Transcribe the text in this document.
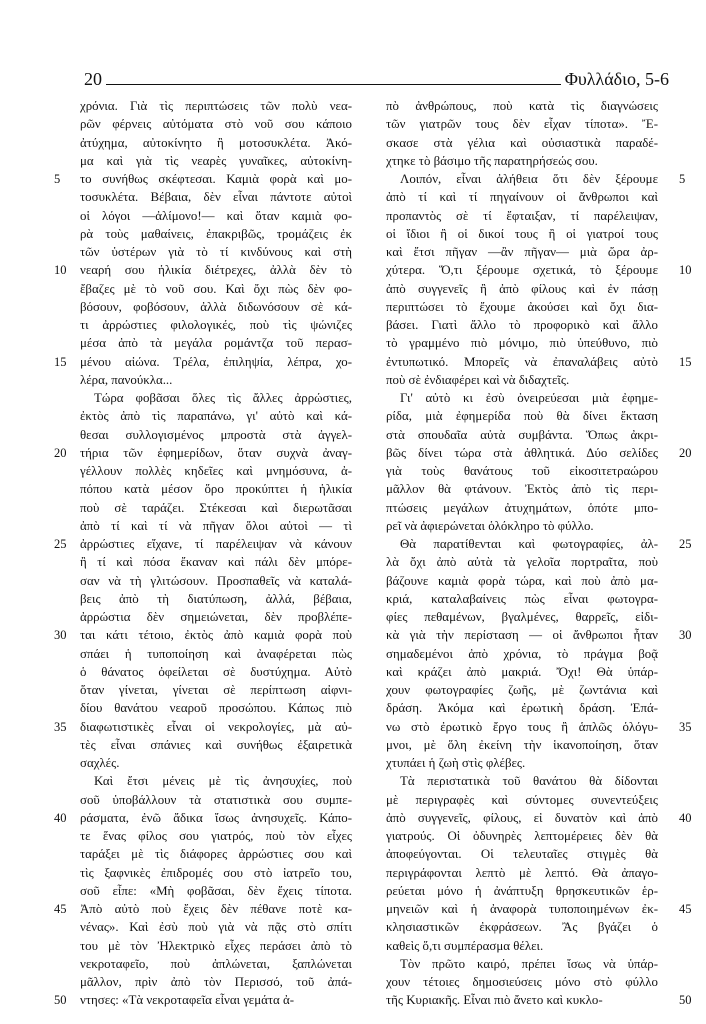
20	Φυλλάδιο, 5-6
5
10
15
20
25
30
35
40
45
50
χρόνια. Γιὰ τὶς περιπτώσεις τῶν πολὺ νεα-
ρῶν φέρνεις αὐτόματα στὸ νοῦ σου κάποιο
ἀτύχημα, αὐτοκίνητο ἢ μοτοσυκλέτα. Ἀκό-
μα καὶ γιὰ τὶς νεαρὲς γυναῖκες, αὐτοκίνη-
το συνήθως σκέφτεσαι. Καμιὰ φορὰ καὶ μο-
τοσυκλέτα. Βέβαια, δὲν εἶναι πάντοτε αὐτοὶ
οἱ λόγοι —ἀλίμονο!— καὶ ὅταν καμιὰ φο-
ρὰ τοὺς μαθαίνεις, ἐπακριβῶς, τρομάζεις ἐκ
τῶν ὑστέρων γιὰ τὸ τί κινδύνους καὶ στὴ
νεαρή σου ἡλικία διέτρεχες, ἀλλὰ δὲν τὸ
ἔβαζες μὲ τὸ νοῦ σου. Καὶ ὄχι πὼς δὲν φο-
βόσουν, φοβόσουν, ἀλλὰ διδωνόσουν σὲ κά-
τι ἀρρώστιες φιλολογικές, ποὺ τὶς ψώνιζες
μέσα ἀπὸ τὰ μεγάλα ρομάντζα τοῦ περασ-
μένου αἰώνα. Τρέλα, ἐπιληψία, λέπρα, χο-
λέρα, πανούκλα...
Τώρα φοβᾶσαι ὅλες τὶς ἄλλες ἀρρώστιες,
ἐκτὸς ἀπὸ τὶς παραπάνω, γι' αὐτὸ καὶ κά-
θεσαι συλλογισμένος μπροστὰ στὰ ἀγγελ-
τήρια τῶν ἐφημερίδων, ὅταν συχνὰ ἀναγ-
γέλλουν πολλὲς κηδεῖες καὶ μνημόσυνα, ἀ-
πόπου κατὰ μέσον ὅρο προκύπτει ἡ ἡλικία
ποὺ σὲ ταράζει. Στέκεσαι καὶ διερωτᾶσαι
ἀπὸ τί καὶ τί νὰ πῆγαν ὅλοι αὐτοὶ — τὶ
ἀρρώστιες εἴχανε, τί παρέλειψαν νὰ κάνουν
ἢ τί καὶ πόσα ἔκαναν καὶ πάλι δὲν μπόρε-
σαν νὰ τὴ γλιτώσουν. Προσπαθεῖς νὰ καταλά-
βεις ἀπὸ τὴ διατύπωση, ἀλλά, βέβαια,
ἀρρώστια δὲν σημειώνεται, δὲν προβλέπε-
ται κάτι τέτοιο, ἐκτὸς ἀπὸ καμιὰ φορὰ ποὺ
σπάει ἡ τυποποίηση καὶ ἀναφέρεται πὼς
ὁ θάνατος ὀφείλεται σὲ δυστύχημα. Αὐτὸ
ὅταν γίνεται, γίνεται σὲ περίπτωση αἰφνι-
δίου θανάτου νεαροῦ προσώπου. Κάπως πιὸ
διαφωτιστικὲς εἶναι οἱ νεκρολογίες, μὰ αὐ-
τὲς εἶναι σπάνιες καὶ συνήθως ἐξαιρετικὰ
σαχλές.
Καὶ ἔτσι μένεις μὲ τὶς ἀνησυχίες, ποὺ
σοῦ ὑποβάλλουν τὰ στατιστικὰ σου συμπε-
ράσματα, ἐνῶ ἄδικα ἴσως ἀνησυχεῖς. Κάπο-
τε ἕνας φίλος σου γιατρός, ποὺ τὸν εἶχες
ταράξει μὲ τὶς διάφορες ἀρρώστιες σου καὶ
τὶς ξαφνικὲς ἐπιδρομές σου στὸ ἰατρεῖο του,
σοῦ εἶπε: «Μὴ φοβᾶσαι, δὲν ἔχεις τίποτα.
Ἀπὸ αὐτὸ ποὺ ἔχεις δὲν πέθανε ποτὲ κα-
νένας». Καὶ ἐσὺ ποὺ γιὰ νὰ πᾷς στὸ σπίτι
του μὲ τὸν Ἠλεκτρικὸ εἶχες περάσει ἀπὸ τὸ
νεκροταφεῖο, ποὺ ἀπλώνεται, ξαπλώνεται
μᾶλλον, πρὶν ἀπὸ τὸν Περισσό, τοῦ ἀπά-
ντησες: «Τὰ νεκροταφεῖα εἶναι γεμάτα ἀ-
πὸ ἀνθρώπους, ποὺ κατὰ τὶς διαγνώσεις
τῶν γιατρῶν τους δὲν εἶχαν τίποτα». Ἔ-
σκασε στὰ γέλια καὶ οὐσιαστικὰ παραδέ-
χτηκε τὸ βάσιμο τῆς παρατηρήσεώς σου.
Λοιπόν, εἶναι ἀλήθεια ὅτι δὲν ξέρουμε
ἀπὸ τί καὶ τί πηγαίνουν οἱ ἄνθρωποι καὶ
προπαντὸς σὲ τί ἔφταιξαν, τί παρέλειψαν,
οἱ ἴδιοι ἢ οἱ δικοί τους ἢ οἱ γιατροί τους
καὶ ἔτσι πῆγαν —ἂν πῆγαν— μιὰ ὥρα ἀρ-
χύτερα. Ὅ,τι ξέρουμε σχετικά, τὸ ξέρουμε
ἀπὸ συγγενεῖς ἢ ἀπὸ φίλους καὶ ἐν πάσῃ
περιπτώσει τὸ ἔχουμε ἀκούσει καὶ ὄχι δια-
βάσει. Γιατὶ ἄλλο τὸ προφορικὸ καὶ ἄλλο
τὸ γραμμένο πιὸ μόνιμο, πιὸ ὑπεύθυνο, πιὸ
ἐντυπωτικό. Μπορεῖς νὰ ἐπαναλάβεις αὐτὸ
ποὺ σὲ ἐνδιαφέρει καὶ νὰ διδαχτεῖς.
Γι' αὐτὸ κι ἐσὺ ὀνειρεύεσαι μιὰ ἐφημε-
ρίδα, μιὰ ἐφημερίδα ποὺ θὰ δίνει ἔκταση
στὰ σπουδαῖα αὐτὰ συμβάντα. Ὅπως ἀκρι-
βῶς δίνει τώρα στὰ ἀθλητικά. Δύο σελίδες
γιὰ τοὺς θανάτους τοῦ εἰκοσιτετραώρου
μᾶλλον θὰ φτάνουν. Ἐκτὸς ἀπὸ τὶς περι-
πτώσεις μεγάλων ἀτυχημάτων, ὁπότε μπο-
ρεῖ νὰ ἀφιερώνεται ὁλόκληρο τὸ φύλλο.
Θὰ παρατίθενται καὶ φωτογραφίες, ἀλ-
λὰ ὄχι ἀπὸ αὐτὰ τὰ γελοῖα πορτραῖτα, ποὺ
βάζουνε καμιὰ φορὰ τώρα, καὶ ποὺ ἀπὸ μα-
κριά, καταλαβαίνεις πὼς εἶναι φωτογρα-
φίες πεθαμένων, βγαλμένες, θαρρεῖς, εἰδι-
κὰ γιὰ τὴν περίσταση — οἱ ἄνθρωποι ἦταν
σημαδεμένοι ἀπὸ χρόνια, τὸ πράγμα βοᾷ
καὶ κράζει ἀπὸ μακριά. Ὄχι! Θὰ ὑπάρ-
χουν φωτογραφίες ζωῆς, μὲ ζωντάνια καὶ
δράση. Ἀκόμα καὶ ἐρωτικὴ δράση. Ἐπά-
νω στὸ ἐρωτικὸ ἔργο τους ἢ ἁπλῶς ὁλόγυ-
μνοι, μὲ ὅλη ἐκείνη τὴν ἱκανοποίηση, ὅταν
χτυπάει ἡ ζωὴ στὶς φλέβες.
Τὰ περιστατικὰ τοῦ θανάτου θὰ δίδονται
μὲ περιγραφὲς καὶ σύντομες συνεντεύξεις
ἀπὸ συγγενεῖς, φίλους, εἰ δυνατὸν καὶ ἀπὸ
γιατρούς. Οἱ ὀδυνηρὲς λεπτομέρειες δὲν θὰ
ἀποφεύγονται. Οἱ τελευταῖες στιγμὲς θὰ
περιγράφονται λεπτὸ μὲ λεπτό. Θὰ ἀπαγο-
ρεύεται μόνο ἡ ἀνάπτυξη θρησκευτικῶν ἑρ-
μηνειῶν καὶ ἡ ἀναφορὰ τυποποιημένων ἐκ-
κλησιαστικῶν ἐκφράσεων. Ἂς βγάζει ὁ
καθεὶς ὅ,τι συμπέρασμα θέλει.
Τὸν πρῶτο καιρό, πρέπει ἴσως νὰ ὑπάρ-
χουν τέτοιες δημοσιεύσεις μόνο στὸ φύλλο
τῆς Κυριακῆς. Εἶναι πιὸ ἄνετο καὶ κυκλο-
5
10
15
20
25
30
35
40
45
50
